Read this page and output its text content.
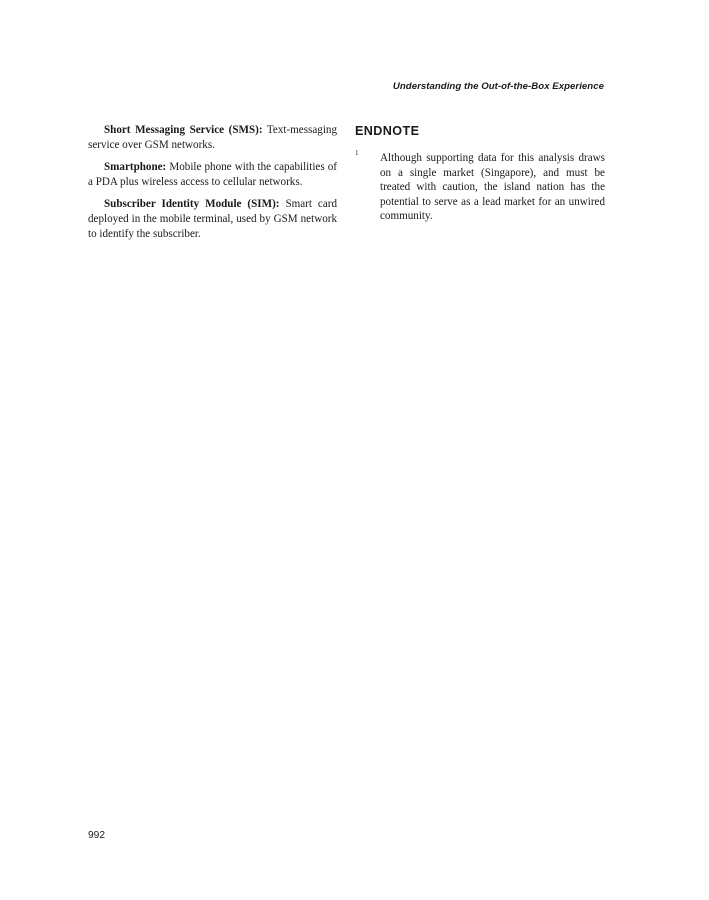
Understanding the Out-of-the-Box Experience

Short Messaging Service (SMS): Text-messaging service over GSM networks.

Smartphone: Mobile phone with the capabilities of a PDA plus wireless access to cellular networks.

Subscriber Identity Module (SIM): Smart card deployed in the mobile terminal, used by GSM network to identify the subscriber.

ENDNOTE
1 Although supporting data for this analysis draws on a single market (Singapore), and must be treated with caution, the island nation has the potential to serve as a lead market for an unwired community.
992
